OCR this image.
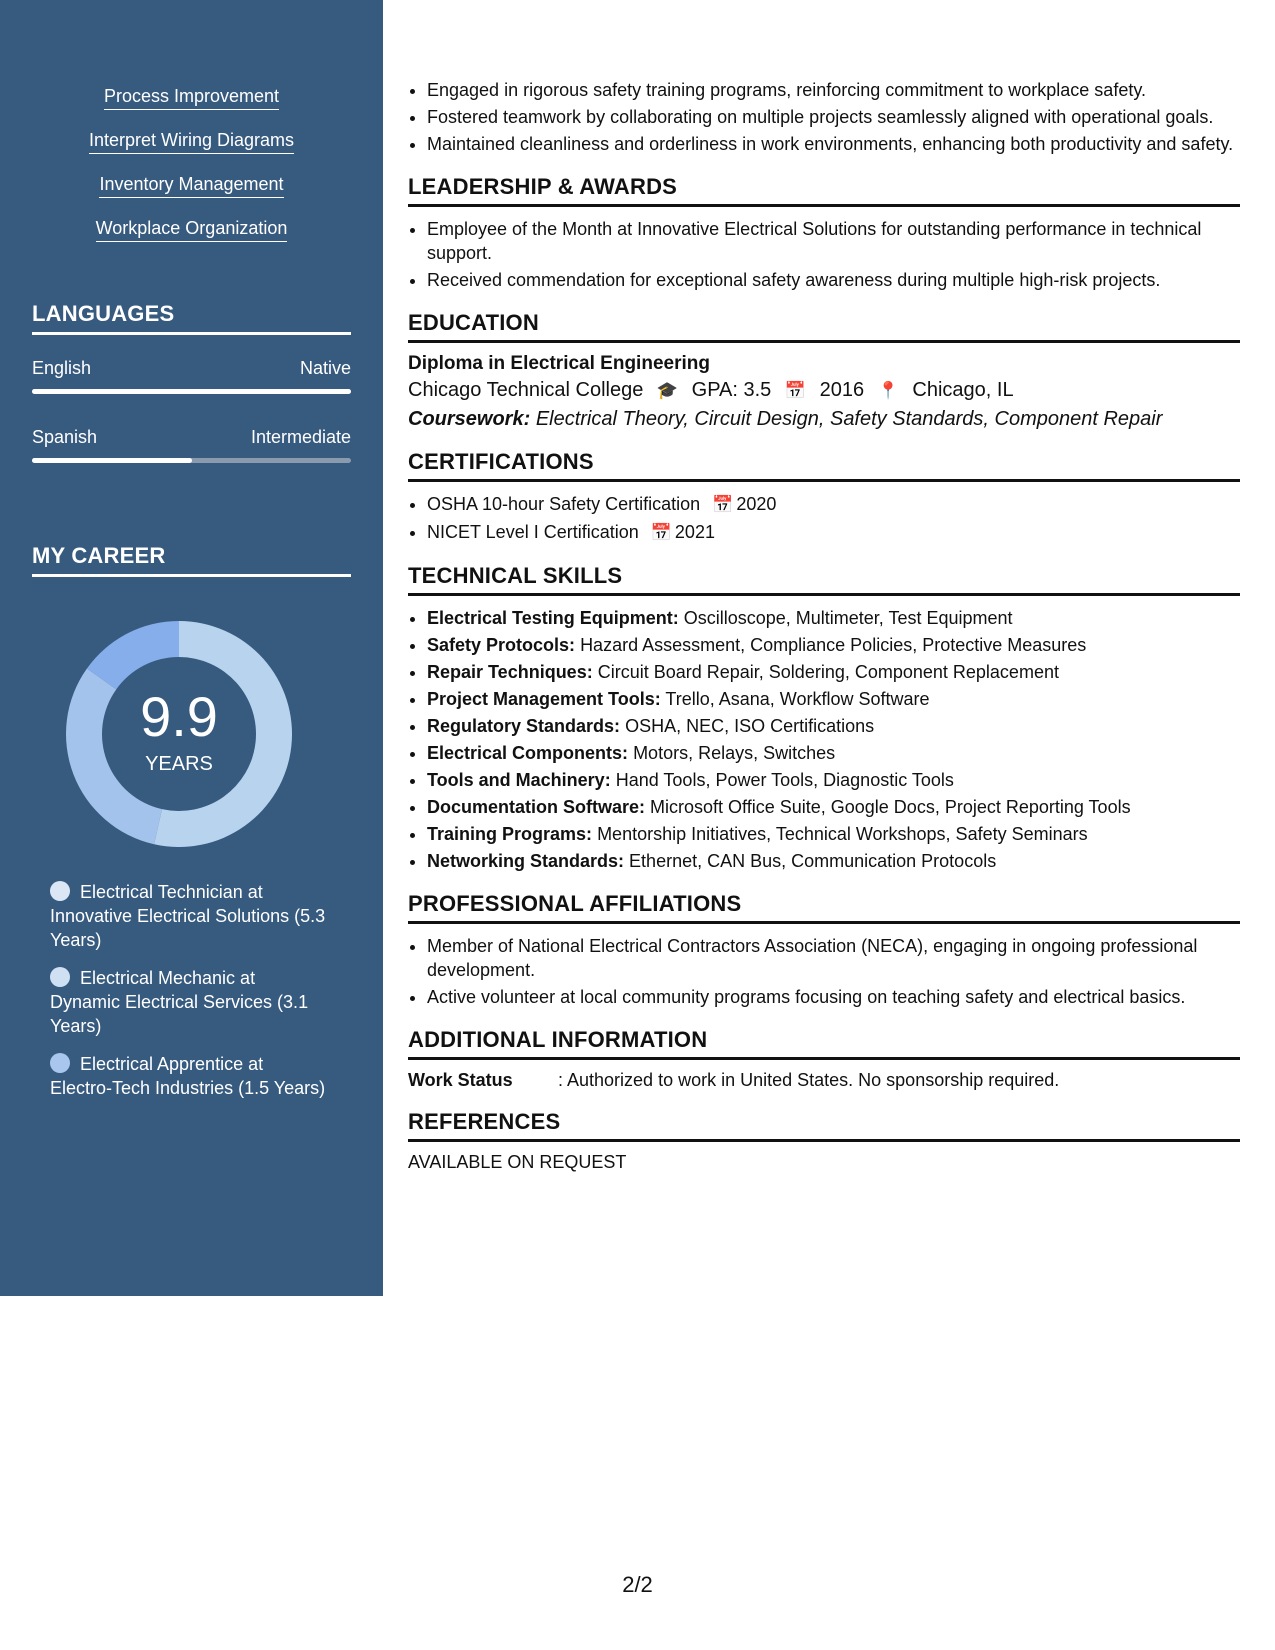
Process Improvement
Interpret Wiring Diagrams
Inventory Management
Workplace Organization
LANGUAGES
English	Native
Spanish	Intermediate
MY CAREER
9.9
YEARS
Electrical Technician at Innovative Electrical Solutions (5.3 Years)
Electrical Mechanic at Dynamic Electrical Services (3.1 Years)
Electrical Apprentice at Electro-Tech Industries (1.5 Years)
• Engaged in rigorous safety training programs, reinforcing commitment to workplace safety.
• Fostered teamwork by collaborating on multiple projects seamlessly aligned with operational goals.
• Maintained cleanliness and orderliness in work environments, enhancing both productivity and safety.
LEADERSHIP & AWARDS
• Employee of the Month at Innovative Electrical Solutions for outstanding performance in technical support.
• Received commendation for exceptional safety awareness during multiple high-risk projects.
EDUCATION
Diploma in Electrical Engineering
Chicago Technical College 🎓 GPA: 3.5 📅 2016 📍 Chicago, IL
Coursework: Electrical Theory, Circuit Design, Safety Standards, Component Repair
CERTIFICATIONS
• OSHA 10-hour Safety Certification 📅 2020
• NICET Level I Certification 📅 2021
TECHNICAL SKILLS
• Electrical Testing Equipment: Oscilloscope, Multimeter, Test Equipment
• Safety Protocols: Hazard Assessment, Compliance Policies, Protective Measures
• Repair Techniques: Circuit Board Repair, Soldering, Component Replacement
• Project Management Tools: Trello, Asana, Workflow Software
• Regulatory Standards: OSHA, NEC, ISO Certifications
• Electrical Components: Motors, Relays, Switches
• Tools and Machinery: Hand Tools, Power Tools, Diagnostic Tools
• Documentation Software: Microsoft Office Suite, Google Docs, Project Reporting Tools
• Training Programs: Mentorship Initiatives, Technical Workshops, Safety Seminars
• Networking Standards: Ethernet, CAN Bus, Communication Protocols
PROFESSIONAL AFFILIATIONS
• Member of National Electrical Contractors Association (NECA), engaging in ongoing professional development.
• Active volunteer at local community programs focusing on teaching safety and electrical basics.
ADDITIONAL INFORMATION
Work Status	: Authorized to work in United States. No sponsorship required.
REFERENCES
AVAILABLE ON REQUEST
2/2
